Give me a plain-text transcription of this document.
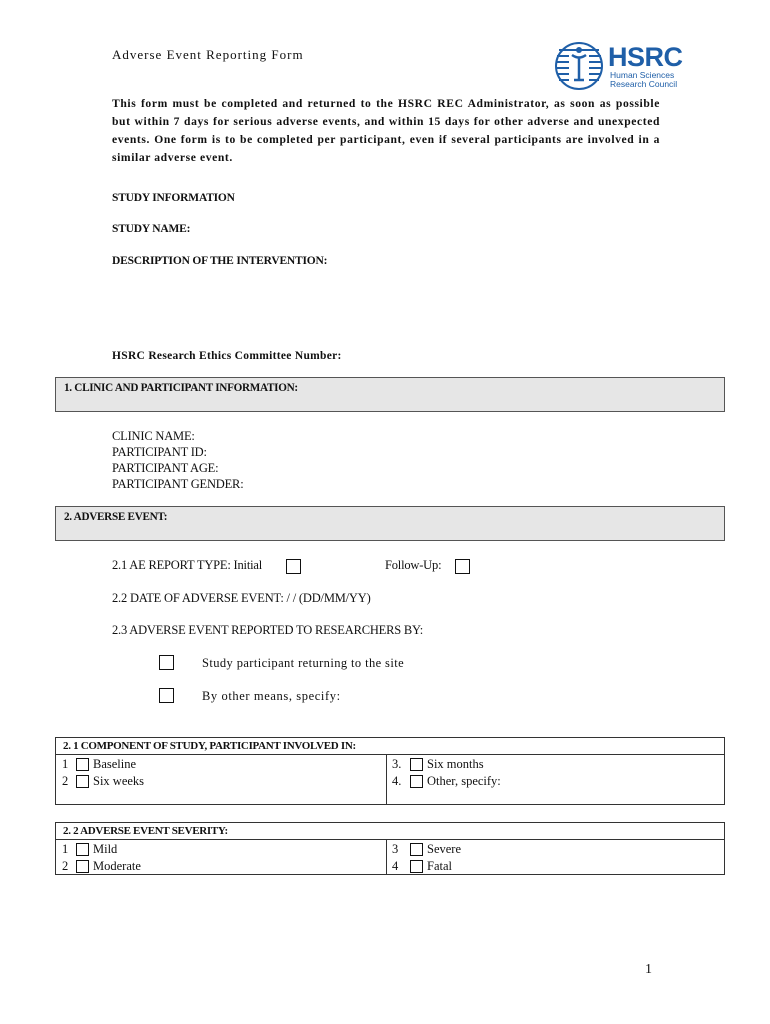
Adverse Event Reporting Form	HSRC
Human Sciences
Research Council
This form must be completed and returned to the HSRC REC Administrator, as soon as possible but within 7 days for serious adverse events, and within 15 days for other adverse and unexpected events. One form is to be completed per participant, even if several participants are involved in a similar adverse event.
STUDY INFORMATION
STUDY NAME:
DESCRIPTION OF THE INTERVENTION:
HSRC Research Ethics Committee Number:
1. CLINIC AND PARTICIPANT INFORMATION:
CLINIC NAME:
PARTICIPANT ID:
PARTICIPANT AGE:
PARTICIPANT GENDER:
2. ADVERSE EVENT:
2.1 AE REPORT TYPE: Initial	Follow-Up:
2.2 DATE OF ADVERSE EVENT: / / (DD/MM/YY)
2.3 ADVERSE EVENT REPORTED TO RESEARCHERS BY:
Study participant returning to the site
By other means, specify:
2. 1 COMPONENT OF STUDY, PARTICIPANT INVOLVED IN:
1	Baseline
2	Six weeks
3.	Six months
4.	Other, specify:
2. 2 ADVERSE EVENT SEVERITY:
1	Mild
2	Moderate
3	Severe
4	Fatal
1
